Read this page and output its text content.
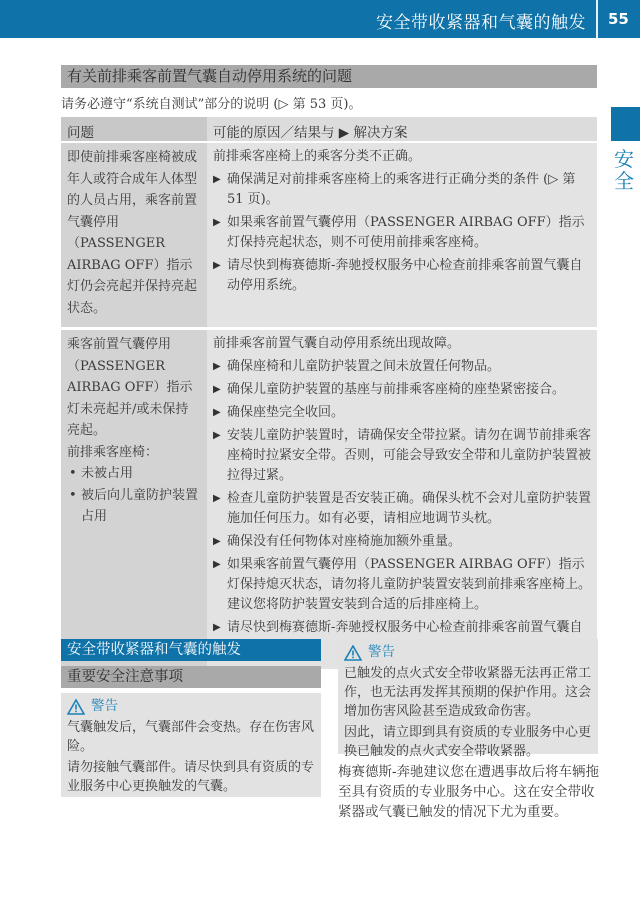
安全带收紧器和气囊的触发 55
安全
有关前排乘客前置气囊自动停用系统的问题
请务必遵守“系统自测试”部分的说明 (▷ 第 53 页)。
问题	可能的原因／结果与 ▶ 解决方案
即使前排乘客座椅被成年人或符合成年人体型的人员占用，乘客前置气囊停用（PASSENGER AIRBAG OFF）指示灯仍会亮起并保持亮起状态。
前排乘客座椅上的乘客分类不正确。
▶ 确保满足对前排乘客座椅上的乘客进行正确分类的条件 (▷ 第 51 页)。
▶ 如果乘客前置气囊停用（PASSENGER AIRBAG OFF）指示灯保持亮起状态，则不可使用前排乘客座椅。
▶ 请尽快到梅赛德斯-奔驰授权服务中心检查前排乘客前置气囊自动停用系统。
乘客前置气囊停用（PASSENGER AIRBAG OFF）指示灯未亮起并/或未保持亮起。
前排乘客座椅：
• 未被占用
• 被后向儿童防护装置占用
前排乘客前置气囊自动停用系统出现故障。
▶ 确保座椅和儿童防护装置之间未放置任何物品。
▶ 确保儿童防护装置的基座与前排乘客座椅的座垫紧密接合。
▶ 确保座垫完全收回。
▶ 安装儿童防护装置时，请确保安全带拉紧。请勿在调节前排乘客座椅时拉紧安全带。否则，可能会导致安全带和儿童防护装置被拉得过紧。
▶ 检查儿童防护装置是否安装正确。确保头枕不会对儿童防护装置施加任何压力。如有必要，请相应地调节头枕。
▶ 确保没有任何物体对座椅施加额外重量。
▶ 如果乘客前置气囊停用（PASSENGER AIRBAG OFF）指示灯保持熄灭状态，请勿将儿童防护装置安装到前排乘客座椅上。建议您将防护装置安装到合适的后排座椅上。
▶ 请尽快到梅赛德斯-奔驰授权服务中心检查前排乘客前置气囊自
安全带收紧器和气囊的触发
重要安全注意事项
警告
气囊触发后，气囊部件会变热。存在伤害风险。
请勿接触气囊部件。请尽快到具有资质的专业服务中心更换触发的气囊。
警告
已触发的点火式安全带收紧器无法再正常工作，也无法再发挥其预期的保护作用。这会增加伤害风险甚至造成致命伤害。
因此，请立即到具有资质的专业服务中心更换已触发的点火式安全带收紧器。
梅赛德斯-奔驰建议您在遭遇事故后将车辆拖至具有资质的专业服务中心。这在安全带收紧器或气囊已触发的情况下尤为重要。
